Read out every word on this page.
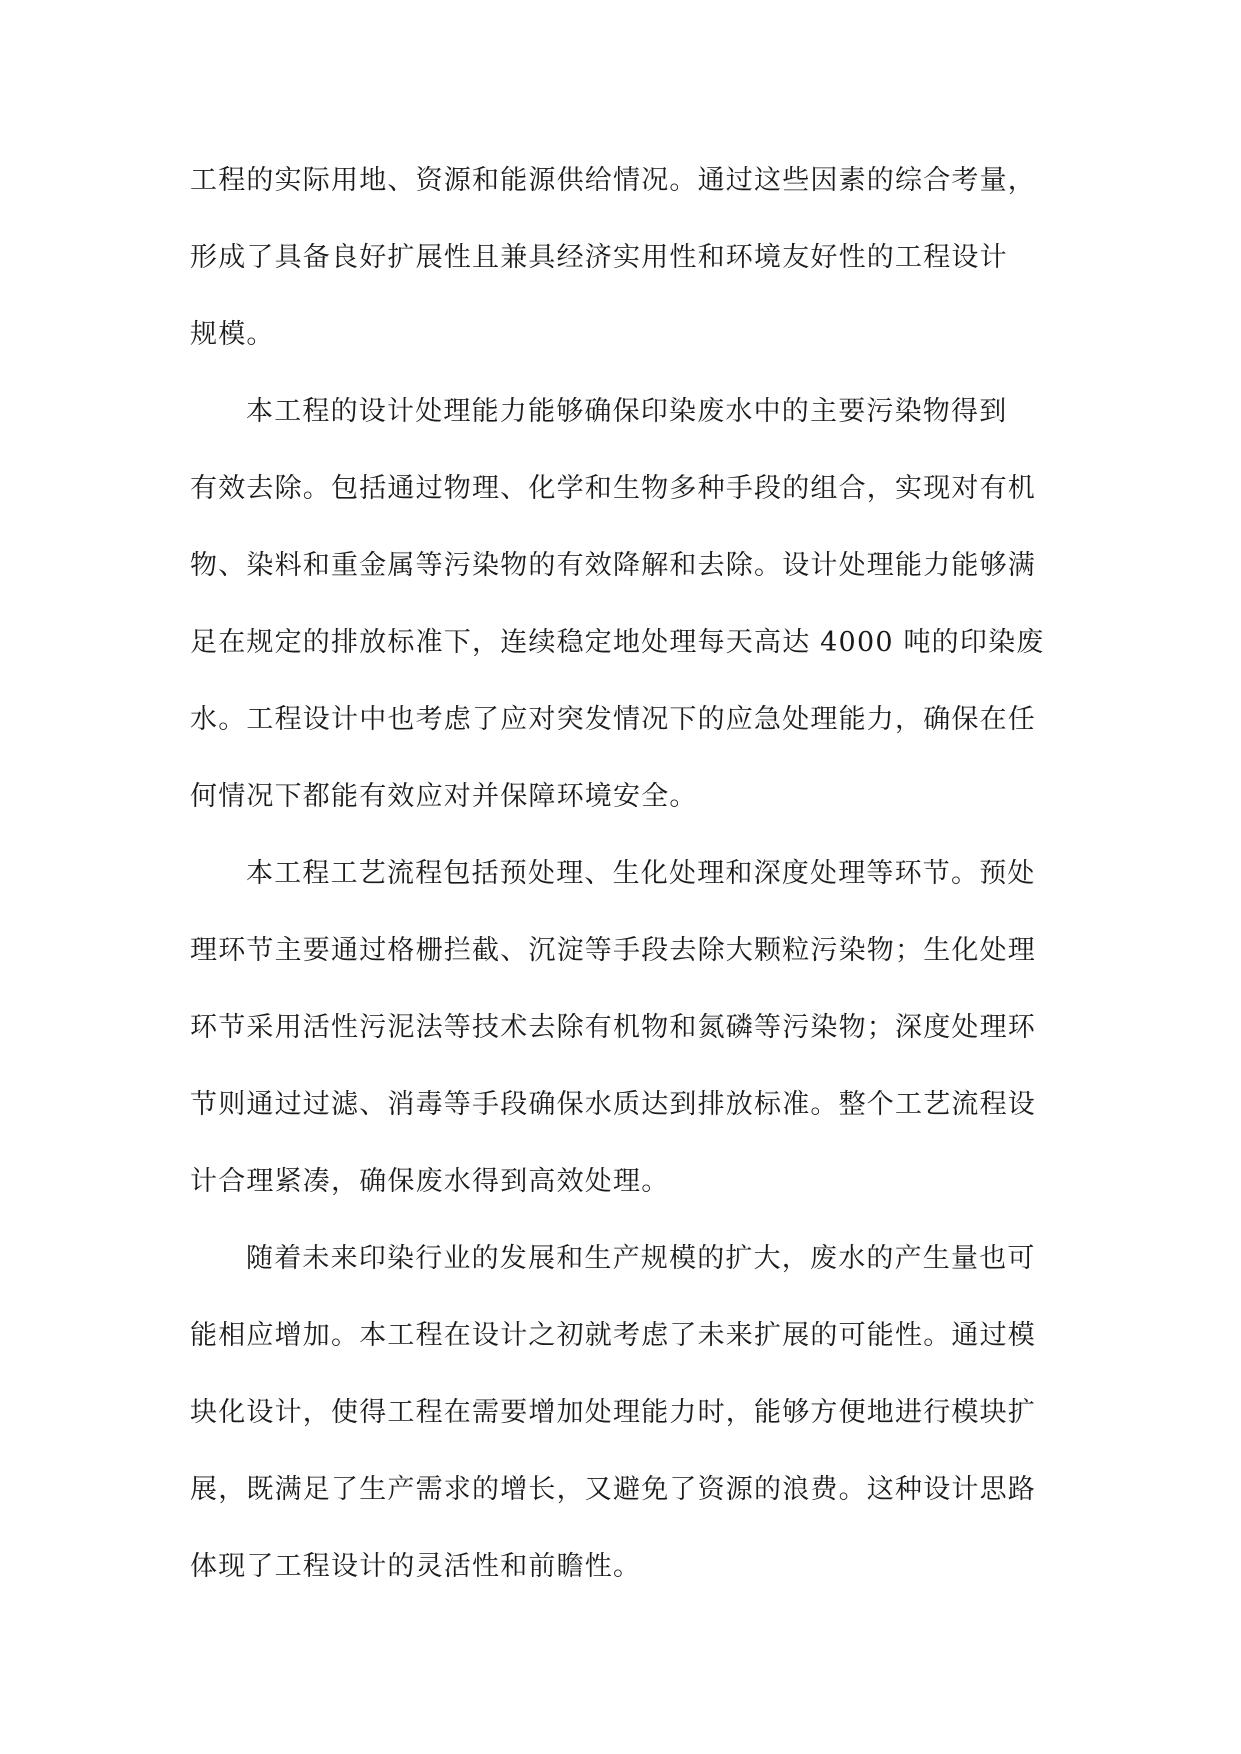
工程的实际用地、资源和能源供给情况。通过这些因素的综合考量，
形成了具备良好扩展性且兼具经济实用性和环境友好性的工程设计
规模。
本工程的设计处理能力能够确保印染废水中的主要污染物得到
有效去除。包括通过物理、化学和生物多种手段的组合，实现对有机
物、染料和重金属等污染物的有效降解和去除。设计处理能力能够满
足在规定的排放标准下，连续稳定地处理每天高达 4000 吨的印染废
水。工程设计中也考虑了应对突发情况下的应急处理能力，确保在任
何情况下都能有效应对并保障环境安全。
本工程工艺流程包括预处理、生化处理和深度处理等环节。预处
理环节主要通过格栅拦截、沉淀等手段去除大颗粒污染物；生化处理
环节采用活性污泥法等技术去除有机物和氮磷等污染物；深度处理环
节则通过过滤、消毒等手段确保水质达到排放标准。整个工艺流程设
计合理紧凑，确保废水得到高效处理。
随着未来印染行业的发展和生产规模的扩大，废水的产生量也可
能相应增加。本工程在设计之初就考虑了未来扩展的可能性。通过模
块化设计，使得工程在需要增加处理能力时，能够方便地进行模块扩
展，既满足了生产需求的增长，又避免了资源的浪费。这种设计思路
体现了工程设计的灵活性和前瞻性。
